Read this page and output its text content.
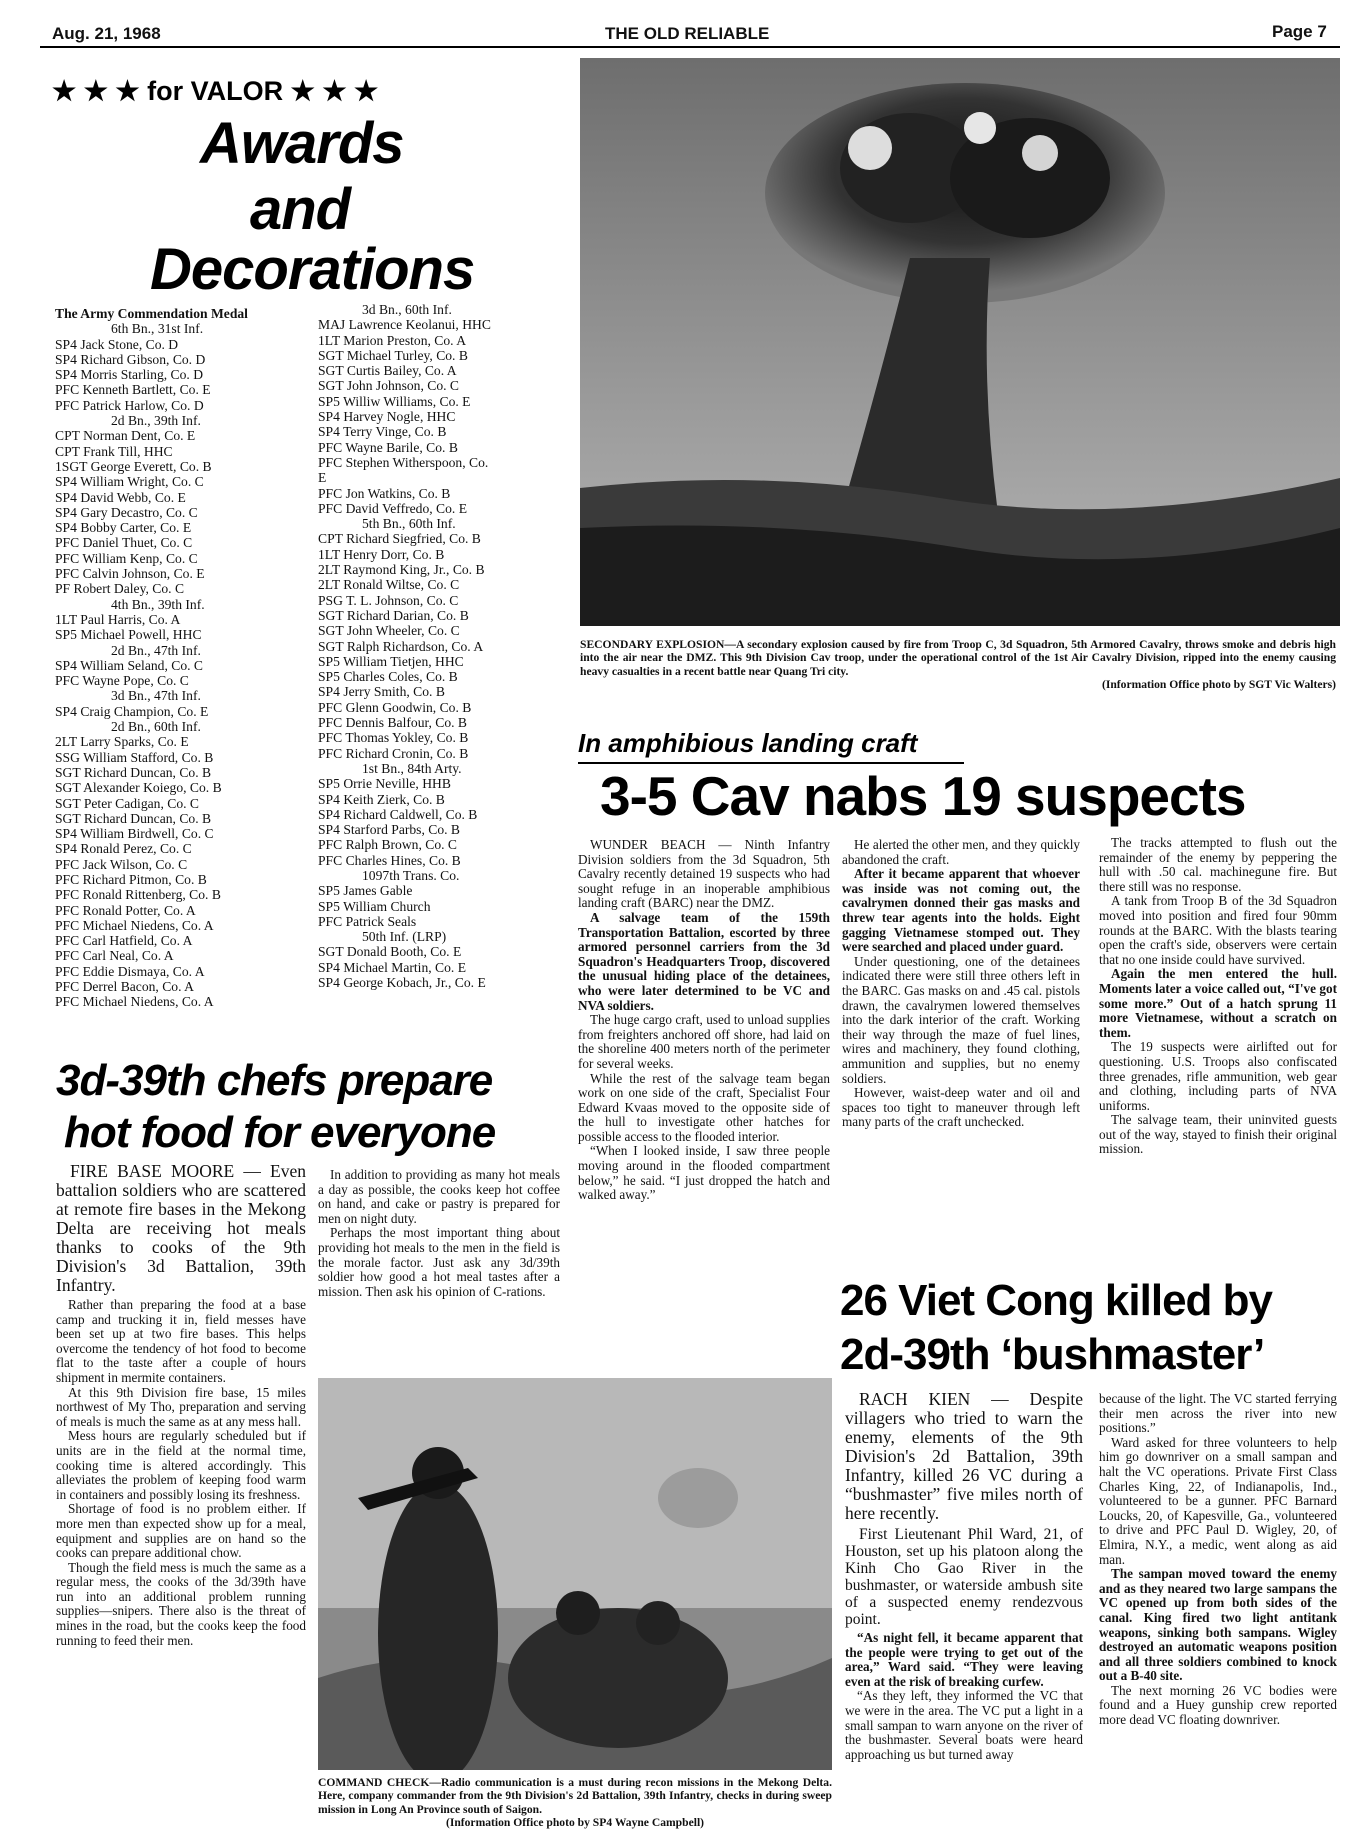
Aug. 21, 1968	THE OLD RELIABLE	Page 7
★ ★ ★ for VALOR ★ ★ ★
Awards
and
Decorations
The Army Commendation Medal
6th Bn., 31st Inf.
SP4 Jack Stone, Co. D
SP4 Richard Gibson, Co. D
SP4 Morris Starling, Co. D
PFC Kenneth Bartlett, Co. E
PFC Patrick Harlow, Co. D
2d Bn., 39th Inf.
CPT Norman Dent, Co. E
CPT Frank Till, HHC
1SGT George Everett, Co. B
SP4 William Wright, Co. C
SP4 David Webb, Co. E
SP4 Gary Decastro, Co. C
SP4 Bobby Carter, Co. E
PFC Daniel Thuet, Co. C
PFC William Kenp, Co. C
PFC Calvin Johnson, Co. E
PF Robert Daley, Co. C
4th Bn., 39th Inf.
1LT Paul Harris, Co. A
SP5 Michael Powell, HHC
2d Bn., 47th Inf.
SP4 William Seland, Co. C
PFC Wayne Pope, Co. C
3d Bn., 47th Inf.
SP4 Craig Champion, Co. E
2d Bn., 60th Inf.
2LT Larry Sparks, Co. E
SSG William Stafford, Co. B
SGT Richard Duncan, Co. B
SGT Alexander Koiego, Co. B
SGT Peter Cadigan, Co. C
SGT Richard Duncan, Co. B
SP4 William Birdwell, Co. C
SP4 Ronald Perez, Co. C
PFC Jack Wilson, Co. C
PFC Richard Pitmon, Co. B
PFC Ronald Rittenberg, Co. B
PFC Ronald Potter, Co. A
PFC Michael Niedens, Co. A
PFC Carl Hatfield, Co. A
PFC Carl Neal, Co. A
PFC Eddie Dismaya, Co. A
PFC Derrel Bacon, Co. A
PFC Michael Niedens, Co. A
3d Bn., 60th Inf.
MAJ Lawrence Keolanui, HHC
1LT Marion Preston, Co. A
SGT Michael Turley, Co. B
SGT Curtis Bailey, Co. A
SGT John Johnson, Co. C
SP5 Williw Williams, Co. E
SP4 Harvey Nogle, HHC
SP4 Terry Vinge, Co. B
PFC Wayne Barile, Co. B
PFC Stephen Witherspoon, Co.
E
PFC Jon Watkins, Co. B
PFC David Veffredo, Co. E
5th Bn., 60th Inf.
CPT Richard Siegfried, Co. B
1LT Henry Dorr, Co. B
2LT Raymond King, Jr., Co. B
2LT Ronald Wiltse, Co. C
PSG T. L. Johnson, Co. C
SGT Richard Darian, Co. B
SGT John Wheeler, Co. C
SGT Ralph Richardson, Co. A
SP5 William Tietjen, HHC
SP5 Charles Coles, Co. B
SP4 Jerry Smith, Co. B
PFC Glenn Goodwin, Co. B
PFC Dennis Balfour, Co. B
PFC Thomas Yokley, Co. B
PFC Richard Cronin, Co. B
1st Bn., 84th Arty.
SP5 Orrie Neville, HHB
SP4 Keith Zierk, Co. B
SP4 Richard Caldwell, Co. B
SP4 Starford Parbs, Co. B
PFC Ralph Brown, Co. C
PFC Charles Hines, Co. B
1097th Trans. Co.
SP5 James Gable
SP5 William Church
PFC Patrick Seals
50th Inf. (LRP)
SGT Donald Booth, Co. E
SP4 Michael Martin, Co. E
SP4 George Kobach, Jr., Co. E
SECONDARY EXPLOSION—A secondary explosion caused by fire from Troop C, 3d Squadron, 5th Armored Cavalry, throws smoke and debris high into the air near the DMZ. This 9th Division Cav troop, under the operational control of the 1st Air Cavalry Division, ripped into the enemy causing heavy casualties in a recent battle near Quang Tri city.
(Information Office photo by SGT Vic Walters)
In amphibious landing craft
3-5 Cav nabs 19 suspects

WUNDER BEACH — Ninth Infantry Division soldiers from the 3d Squadron, 5th Cavalry recently detained 19 suspects who had sought refuge in an inoperable amphibious landing craft (BARC) near the DMZ.

A salvage team of the 159th Transportation Battalion, escorted by three armored personnel carriers from the 3d Squadron's Headquarters Troop, discovered the unusual hiding place of the detainees, who were later determined to be VC and NVA soldiers.

The huge cargo craft, used to unload supplies from freighters anchored off shore, had laid on the shoreline 400 meters north of the perimeter for several weeks.

While the rest of the salvage team began work on one side of the craft, Specialist Four Edward Kvaas moved to the opposite side of the hull to investigate other hatches for possible access to the flooded interior.

“When I looked inside, I saw three people moving around in the flooded compartment below,” he said. “I just dropped the hatch and walked away.”

He alerted the other men, and they quickly abandoned the craft.

After it became apparent that whoever was inside was not coming out, the cavalrymen donned their gas masks and threw tear agents into the holds. Eight gagging Vietnamese stomped out. They were searched and placed under guard.

Under questioning, one of the detainees indicated there were still three others left in the BARC. Gas masks on and .45 cal. pistols drawn, the cavalrymen lowered themselves into the dark interior of the craft. Working their way through the maze of fuel lines, wires and machinery, they found clothing, ammunition and supplies, but no enemy soldiers.

However, waist-deep water and oil and spaces too tight to maneuver through left many parts of the craft unchecked.

The tracks attempted to flush out the remainder of the enemy by peppering the hull with .50 cal. machinegune fire. But there still was no response.

A tank from Troop B of the 3d Squadron moved into position and fired four 90mm rounds at the BARC. With the blasts tearing open the craft's side, observers were certain that no one inside could have survived.

Again the men entered the hull. Moments later a voice called out, “I've got some more.” Out of a hatch sprung 11 more Vietnamese, without a scratch on them.

The 19 suspects were airlifted out for questioning. U.S. Troops also confiscated three grenades, rifle ammunition, web gear and clothing, including parts of NVA uniforms.

The salvage team, their uninvited guests out of the way, stayed to finish their original mission.

3d-39th chefs prepare
hot food for everyone
FIRE BASE MOORE — Even battalion soldiers who are scattered at remote fire bases in the Mekong Delta are receiving hot meals thanks to cooks of the 9th Division's 3d Battalion, 39th Infantry.

Rather than preparing the food at a base camp and trucking it in, field messes have been set up at two fire bases. This helps overcome the tendency of hot food to become flat to the taste after a couple of hours shipment in mermite containers.

At this 9th Division fire base, 15 miles northwest of My Tho, preparation and serving of meals is much the same as at any mess hall.

Mess hours are regularly scheduled but if units are in the field at the normal time, cooking time is altered accordingly. This alleviates the problem of keeping food warm in containers and possibly losing its freshness.

Shortage of food is no problem either. If more men than expected show up for a meal, equipment and supplies are on hand so the cooks can prepare additional chow.

Though the field mess is much the same as a regular mess, the cooks of the 3d/39th have run into an additional problem running supplies—snipers. There also is the threat of mines in the road, but the cooks keep the food running to feed their men.

In addition to providing as many hot meals a day as possible, the cooks keep hot coffee on hand, and cake or pastry is prepared for men on night duty.

Perhaps the most important thing about providing hot meals to the men in the field is the morale factor. Just ask any 3d/39th soldier how good a hot meal tastes after a mission. Then ask his opinion of C-rations.

COMMAND CHECK—Radio communication is a must during recon missions in the Mekong Delta. Here, company commander from the 9th Division's 2d Battalion, 39th Infantry, checks in during sweep mission in Long An Province south of Saigon.
(Information Office photo by SP4 Wayne Campbell)
26 Viet Cong killed by
2d-39th ‘bushmaster’
RACH KIEN — Despite villagers who tried to warn the enemy, elements of the 9th Division's 2d Battalion, 39th Infantry, killed 26 VC during a “bushmaster” five miles north of here recently.
First Lieutenant Phil Ward, 21, of Houston, set up his platoon along the Kinh Cho Gao River in the bushmaster, or waterside ambush site of a suspected enemy rendezvous point.

“As night fell, it became apparent that the people were trying to get out of the area,” Ward said. “They were leaving even at the risk of breaking curfew.

“As they left, they informed the VC that we were in the area. The VC put a light in a small sampan to warn anyone on the river of the bushmaster. Several boats were heard approaching us but turned away

because of the light. The VC started ferrying their men across the river into new positions.”

Ward asked for three volunteers to help him go downriver on a small sampan and halt the VC operations. Private First Class Charles King, 22, of Indianapolis, Ind., volunteered to be a gunner. PFC Barnard Loucks, 20, of Kapesville, Ga., volunteered to drive and PFC Paul D. Wigley, 20, of Elmira, N.Y., a medic, went along as aid man.

The sampan moved toward the enemy and as they neared two large sampans the VC opened up from both sides of the canal. King fired two light antitank weapons, sinking both sampans. Wigley destroyed an automatic weapons position and all three soldiers combined to knock out a B-40 site.

The next morning 26 VC bodies were found and a Huey gunship crew reported more dead VC floating downriver.
